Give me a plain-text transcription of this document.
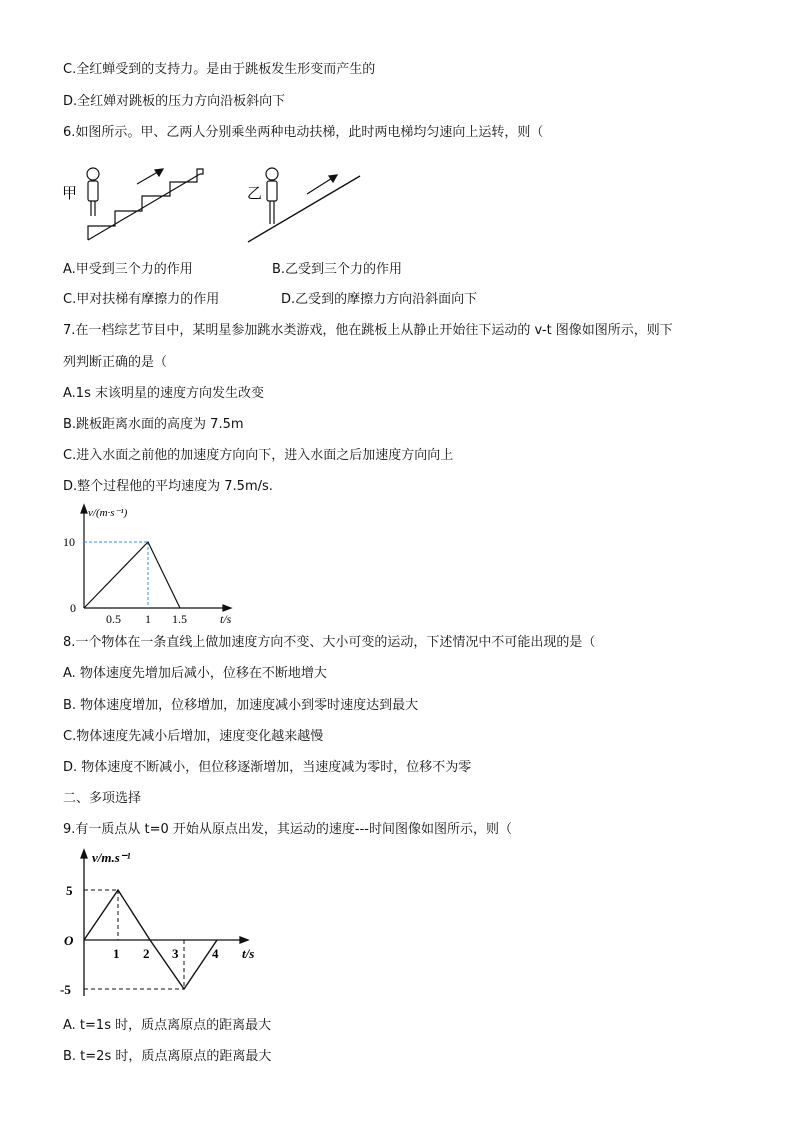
C.全红蝉受到的支持力。是由于跳板发生形变而产生的
D.全红婵对跳板的压力方向沿板斜向下
6.如图所示。甲、乙两人分别乘坐两种电动扶梯，此时两电梯均匀速向上运转，则（
甲	乙
A.甲受到三个力的作用	B.乙受到三个力的作用
C.甲对扶梯有摩擦力的作用	D.乙受到的摩擦力方向沿斜面向下
7.在一档综艺节目中，某明星参加跳水类游戏，他在跳板上从静止开始往下运动的 v-t 图像如图所示，则下
列判断正确的是（
A.1s 末该明星的速度方向发生改变
B.跳板距离水面的高度为 7.5m
C.进入水面之前他的加速度方向向下，进入水面之后加速度方向向上
D.整个过程他的平均速度为 7.5m/s.
v/(m·s⁻¹)
10
0
0.5 1 1.5	t/s
8.一个物体在一条直线上做加速度方向不变、大小可变的运动，下述情况中不可能出现的是（
A. 物体速度先增加后减小，位移在不断地增大
B. 物体速度增加，位移增加，加速度减小到零时速度达到最大
C.物体速度先减小后增加，速度变化越来越慢
D. 物体速度不断减小，但位移逐渐增加，当速度减为零时，位移不为零
二、多项选择
9.有一质点从 t=0 开始从原点出发，其运动的速度---时间图像如图所示，则（
v/m.s⁻¹
5
O
-5
1 2 3	4 t/s
A. t=1s 时，质点离原点的距离最大
B. t=2s 时，质点离原点的距离最大
